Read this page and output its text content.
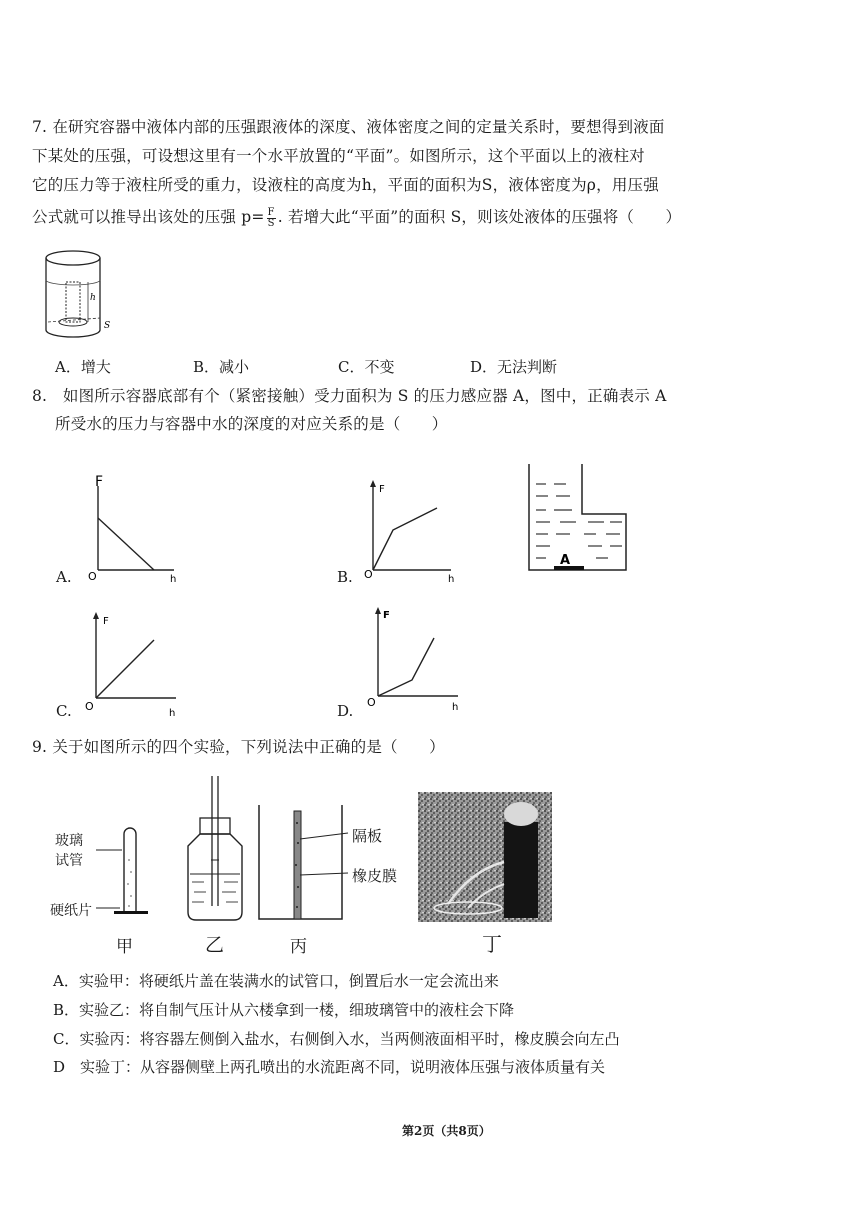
7. 在研究容器中液体内部的压强跟液体的深度、液体密度之间的定量关系时，要想得到液面
下某处的压强，可设想这里有一个水平放置的“平面”。如图所示，这个平面以上的液柱对
它的压力等于液柱所受的重力，设液柱的高度为h，平面的面积为S，液体密度为ρ，用压强
公式就可以推导出该处的压强 $p= \frac{F}{S}$ . 若增大此“平面”的面积 S，则该处液体的压强将（　　）
h
S
A．增大	B．减小	C．不变	D．无法判断
8.　如图所示容器底部有个（紧密接触）受力面积为 S 的压力感应器 A，图中，正确表示 A
所受水的压力与容器中水的深度的对应关系的是（　　）
A.
F
h
O	B.
F
h
O
A
C.
F
h
O	D.
F
h
O
9. 关于如图所示的四个实验，下列说法中正确的是（　　）
玻璃
试管
硬纸片
隔板
橡皮膜
甲	乙	丙	丁
A．实验甲：将硬纸片盖在装满水的试管口，倒置后水一定会流出来
B．实验乙：将自制气压计从六楼拿到一楼，细玻璃管中的液柱会下降
C．实验丙：将容器左侧倒入盐水，右侧倒入水，当两侧液面相平时，橡皮膜会向左凸
D　实验丁：从容器侧壁上两孔喷出的水流距离不同，说明液体压强与液体质量有关
第2页（共8页）
